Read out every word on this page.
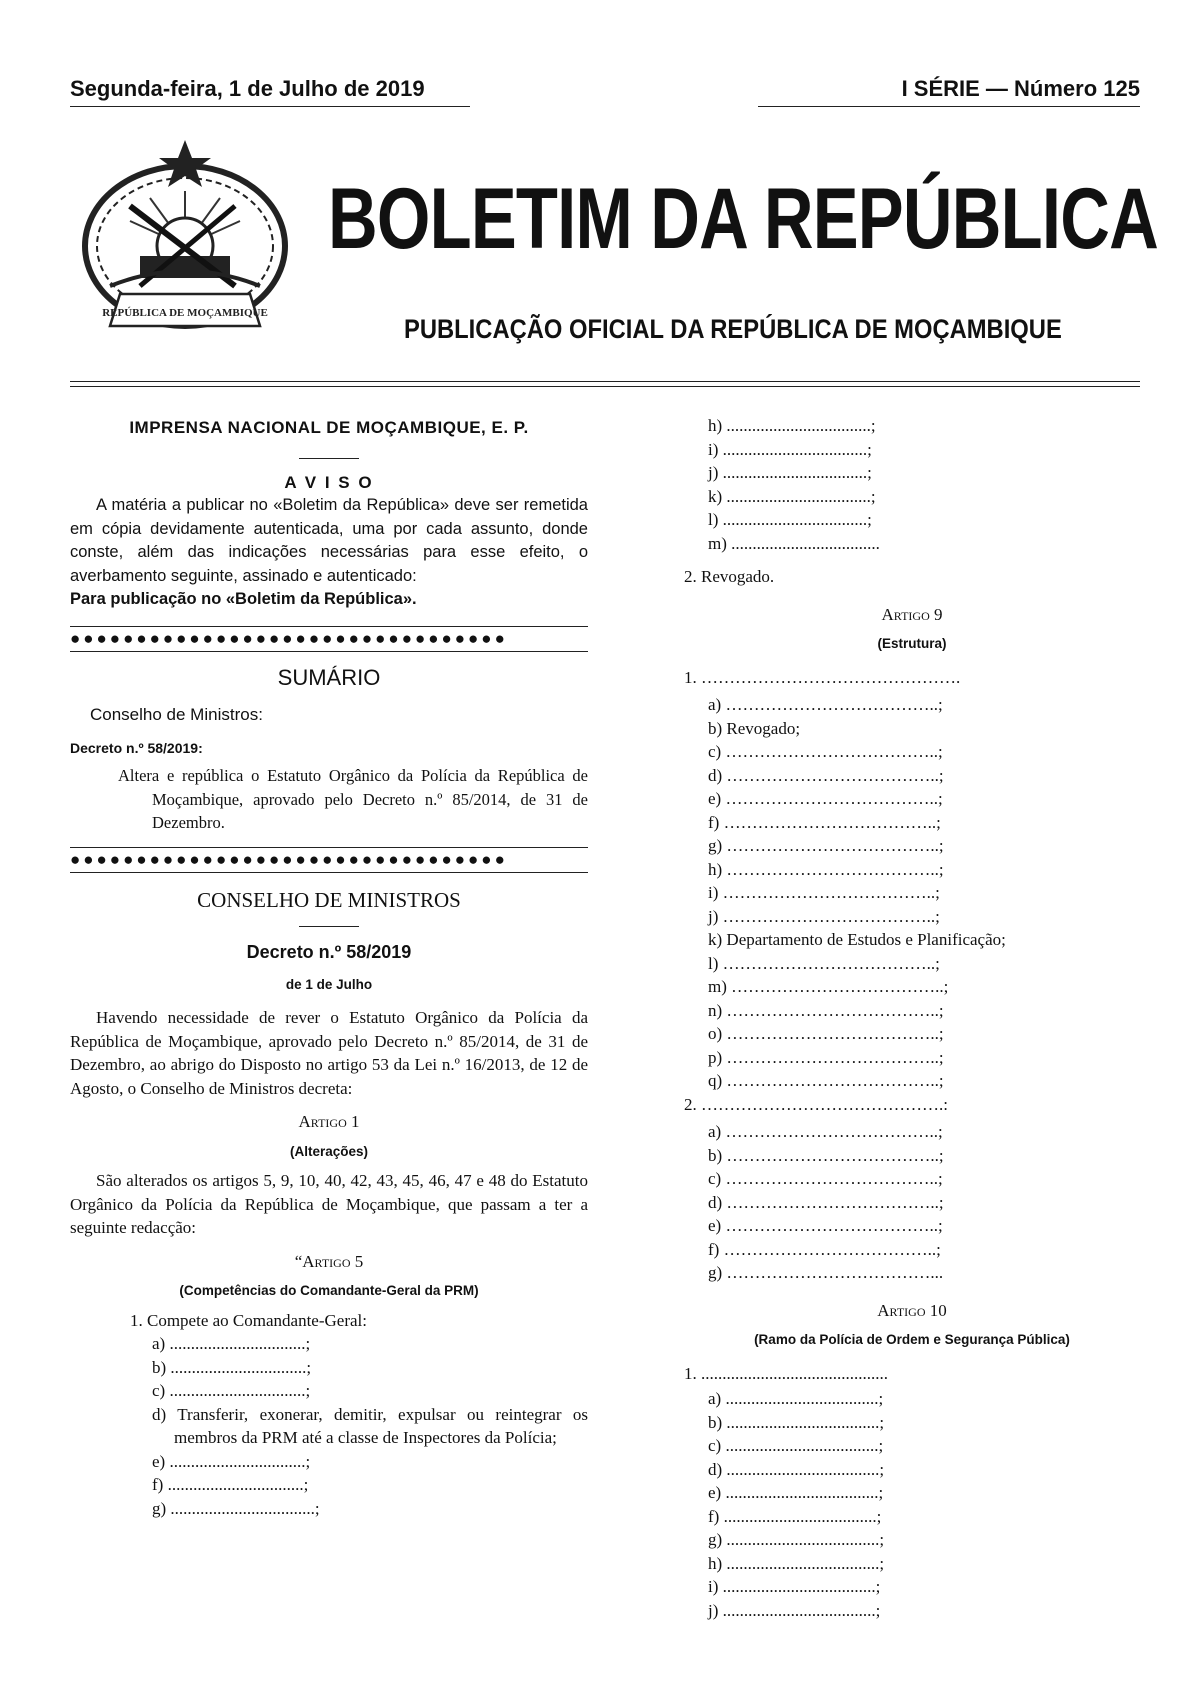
Segunda-feira, 1 de Julho de 2019	I SÉRIE — Número 125
REPÚBLICA DE MOÇAMBIQUE
BOLETIM DA REPÚBLICA
PUBLICAÇÃO OFICIAL DA REPÚBLICA DE MOÇAMBIQUE

IMPRENSA NACIONAL DE MOÇAMBIQUE, E. P.

A V I S O

A matéria a publicar no «Boletim da República» deve ser remetida em cópia devidamente autenticada, uma por cada assunto, donde conste, além das indicações necessárias para esse efeito, o averbamento seguinte, assinado e autenticado:

Para publicação no «Boletim da República».

●●●●●●●●●●●●●●●●●●●●●●●●●●●●●●●●●

SUMÁRIO

Conselho de Ministros:

Decreto n.º 58/2019:

Altera e república o Estatuto Orgânico da Polícia da República de Moçambique, aprovado pelo Decreto n.º 85/2014, de 31 de Dezembro.

●●●●●●●●●●●●●●●●●●●●●●●●●●●●●●●●●

CONSELHO DE MINISTROS

Decreto n.º 58/2019

de 1 de Julho

Havendo necessidade de rever o Estatuto Orgânico da Polícia da República de Moçambique, aprovado pelo Decreto n.º 85/2014, de 31 de Dezembro, ao abrigo do Disposto no artigo 53 da Lei n.º 16/2013, de 12 de Agosto, o Conselho de Ministros decreta:

Artigo 1

(Alterações)

São alterados os artigos 5, 9, 10, 40, 42, 43, 45, 46, 47 e 48 do Estatuto Orgânico da Polícia da República de Moçambique, que passam a ter a seguinte redacção:

“Artigo 5

(Competências do Comandante-Geral da PRM)

1. Compete ao Comandante-Geral:

a) ................................;

b) ................................;

c) ................................;

d) Transferir, exonerar, demitir, expulsar ou reintegrar os membros da PRM até a classe de Inspectores da Polícia;

e) ................................;

f) ................................;

g) ..................................;

h) ..................................;

i) ..................................;

j) ..................................;

k) ..................................;

l) ..................................;

m) ...................................

2. Revogado.

Artigo 9

(Estrutura)

1. ……………………………………….

a) ………………………………..;

b) Revogado;

c) ………………………………..;

d) ………………………………..;

e) ………………………………..;

f) ………………………………..;

g) ………………………………..;

h) ………………………………..;

i) ………………………………..;

j) ………………………………..;

k) Departamento de Estudos e Planificação;

l) ………………………………..;

m) ………………………………..;

n) ………………………………..;

o) ………………………………..;

p) ………………………………..;

q) ………………………………..;

2. …………………………………….:

a) ………………………………..;

b) ………………………………..;

c) ………………………………..;

d) ………………………………..;

e) ………………………………..;

f) ………………………………..;

g) ………………………………...

Artigo 10

(Ramo da Polícia de Ordem e Segurança Pública)

1. ............................................

a) ....................................;

b) ....................................;

c) ....................................;

d) ....................................;

e) ....................................;

f) ....................................;

g) ....................................;

h) ....................................;

i) ....................................;

j) ....................................;
